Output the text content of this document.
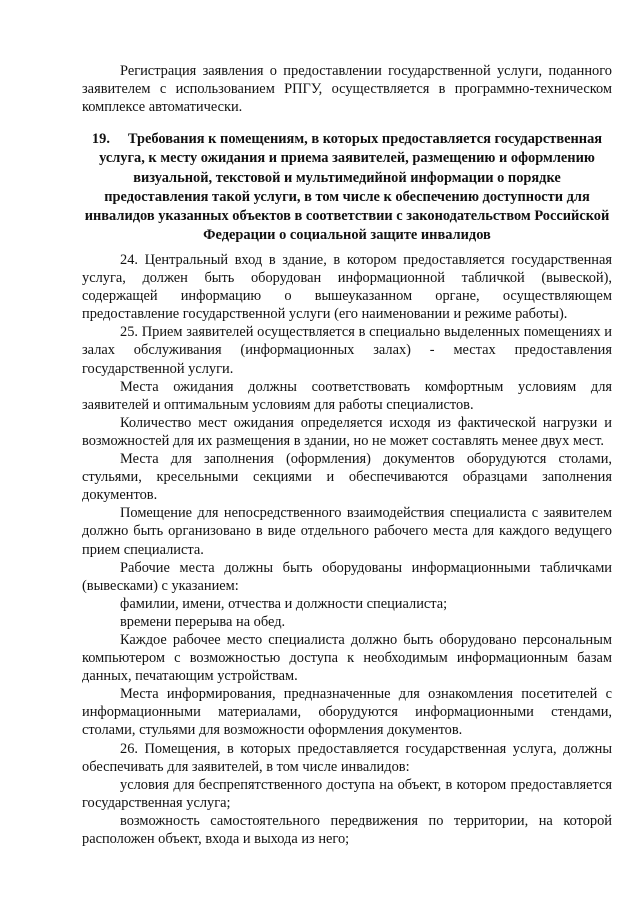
Регистрация заявления о предоставлении государственной услуги, поданного заявителем с использованием РПГУ, осуществляется в программно-техническом комплексе автоматически.

19. Требования к помещениям, в которых предоставляется государственная услуга, к месту ожидания и приема заявителей, размещению и оформлению визуальной, текстовой и мультимедийной информации о порядке предоставления такой услуги, в том числе к обеспечению доступности для инвалидов указанных объектов в соответствии с законодательством Российской Федерации о социальной защите инвалидов

24. Центральный вход в здание, в котором предоставляется государственная услуга, должен быть оборудован информационной табличкой (вывеской), содержащей информацию о вышеуказанном органе, осуществляющем предоставление государственной услуги (его наименовании и режиме работы).

25. Прием заявителей осуществляется в специально выделенных помещениях и залах обслуживания (информационных залах) - местах предоставления государственной услуги.

Места ожидания должны соответствовать комфортным условиям для заявителей и оптимальным условиям для работы специалистов.

Количество мест ожидания определяется исходя из фактической нагрузки и возможностей для их размещения в здании, но не может составлять менее двух мест.

Места для заполнения (оформления) документов оборудуются столами, стульями, кресельными секциями и обеспечиваются образцами заполнения документов.

Помещение для непосредственного взаимодействия специалиста с заявителем должно быть организовано в виде отдельного рабочего места для каждого ведущего прием специалиста.

Рабочие места должны быть оборудованы информационными табличками (вывесками) с указанием:

фамилии, имени, отчества и должности специалиста;

времени перерыва на обед.

Каждое рабочее место специалиста должно быть оборудовано персональным компьютером с возможностью доступа к необходимым информационным базам данных, печатающим устройствам.

Места информирования, предназначенные для ознакомления посетителей с информационными материалами, оборудуются информационными стендами, столами, стульями для возможности оформления документов.

26. Помещения, в которых предоставляется государственная услуга, должны обеспечивать для заявителей, в том числе инвалидов:

условия для беспрепятственного доступа на объект, в котором предоставляется государственная услуга;

возможность самостоятельного передвижения по территории, на которой расположен объект, входа и выхода из него;
